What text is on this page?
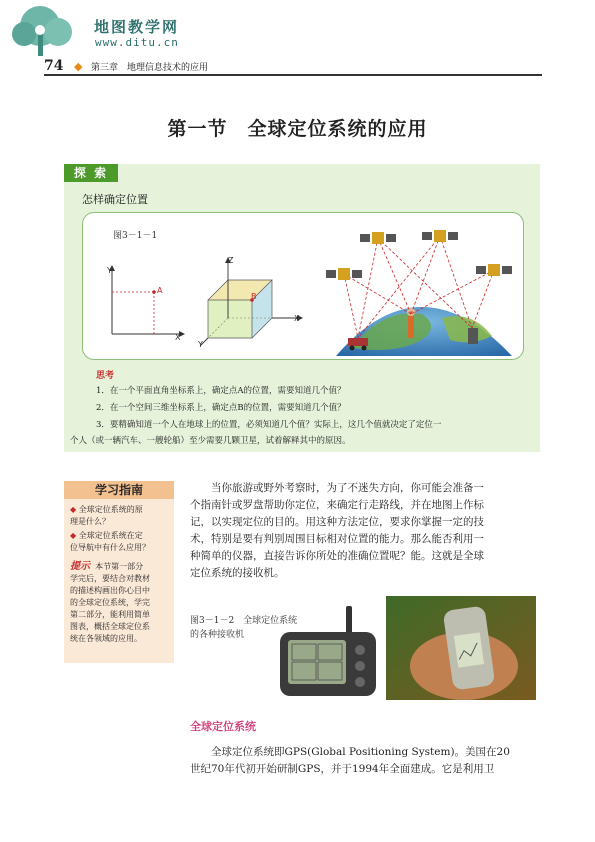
地图教学网
www.ditu.cn
74 ◆ 第三章　地理信息技术的应用
第一节　全球定位系统的应用
探 索
怎样确定位置
图3－1－1
Y
X
A
Z
X
Y
B
思考
1．在一个平面直角坐标系上，确定点A的位置，需要知道几个值？
2．在一个空间三维坐标系上，确定点B的位置，需要知道几个值？
3．要精确知道一个人在地球上的位置，必须知道几个值？实际上，这几个值就决定了定位一
个人（或一辆汽车、一艘轮船）至少需要几颗卫星，试着解释其中的原因。
学习指南
◆ 全球定位系统的原
理是什么？
◆ 全球定位系统在定
位导航中有什么应用？
提示 本节第一部分
学完后，要结合对教材
的描述构画出你心目中
的全球定位系统，学完
第二部分，能利用简单
图表，概括全球定位系
统在各领域的应用。

当你旅游或野外考察时，为了不迷失方向，你可能会准备一

个指南针或罗盘帮助你定位，来确定行走路线，并在地图上作标

记，以实现定位的目的。用这种方法定位，要求你掌握一定的技

术，特别是要有判别周围目标相对位置的能力。那么能否利用一

种简单的仪器，直接告诉你所处的准确位置呢？能。这就是全球

定位系统的接收机。

图3－1－2　全球定位系统
的各种接收机
全球定位系统

全球定位系统即GPS(Global Positioning System)。美国在20

世纪70年代初开始研制GPS，并于1994年全面建成。它是利用卫
